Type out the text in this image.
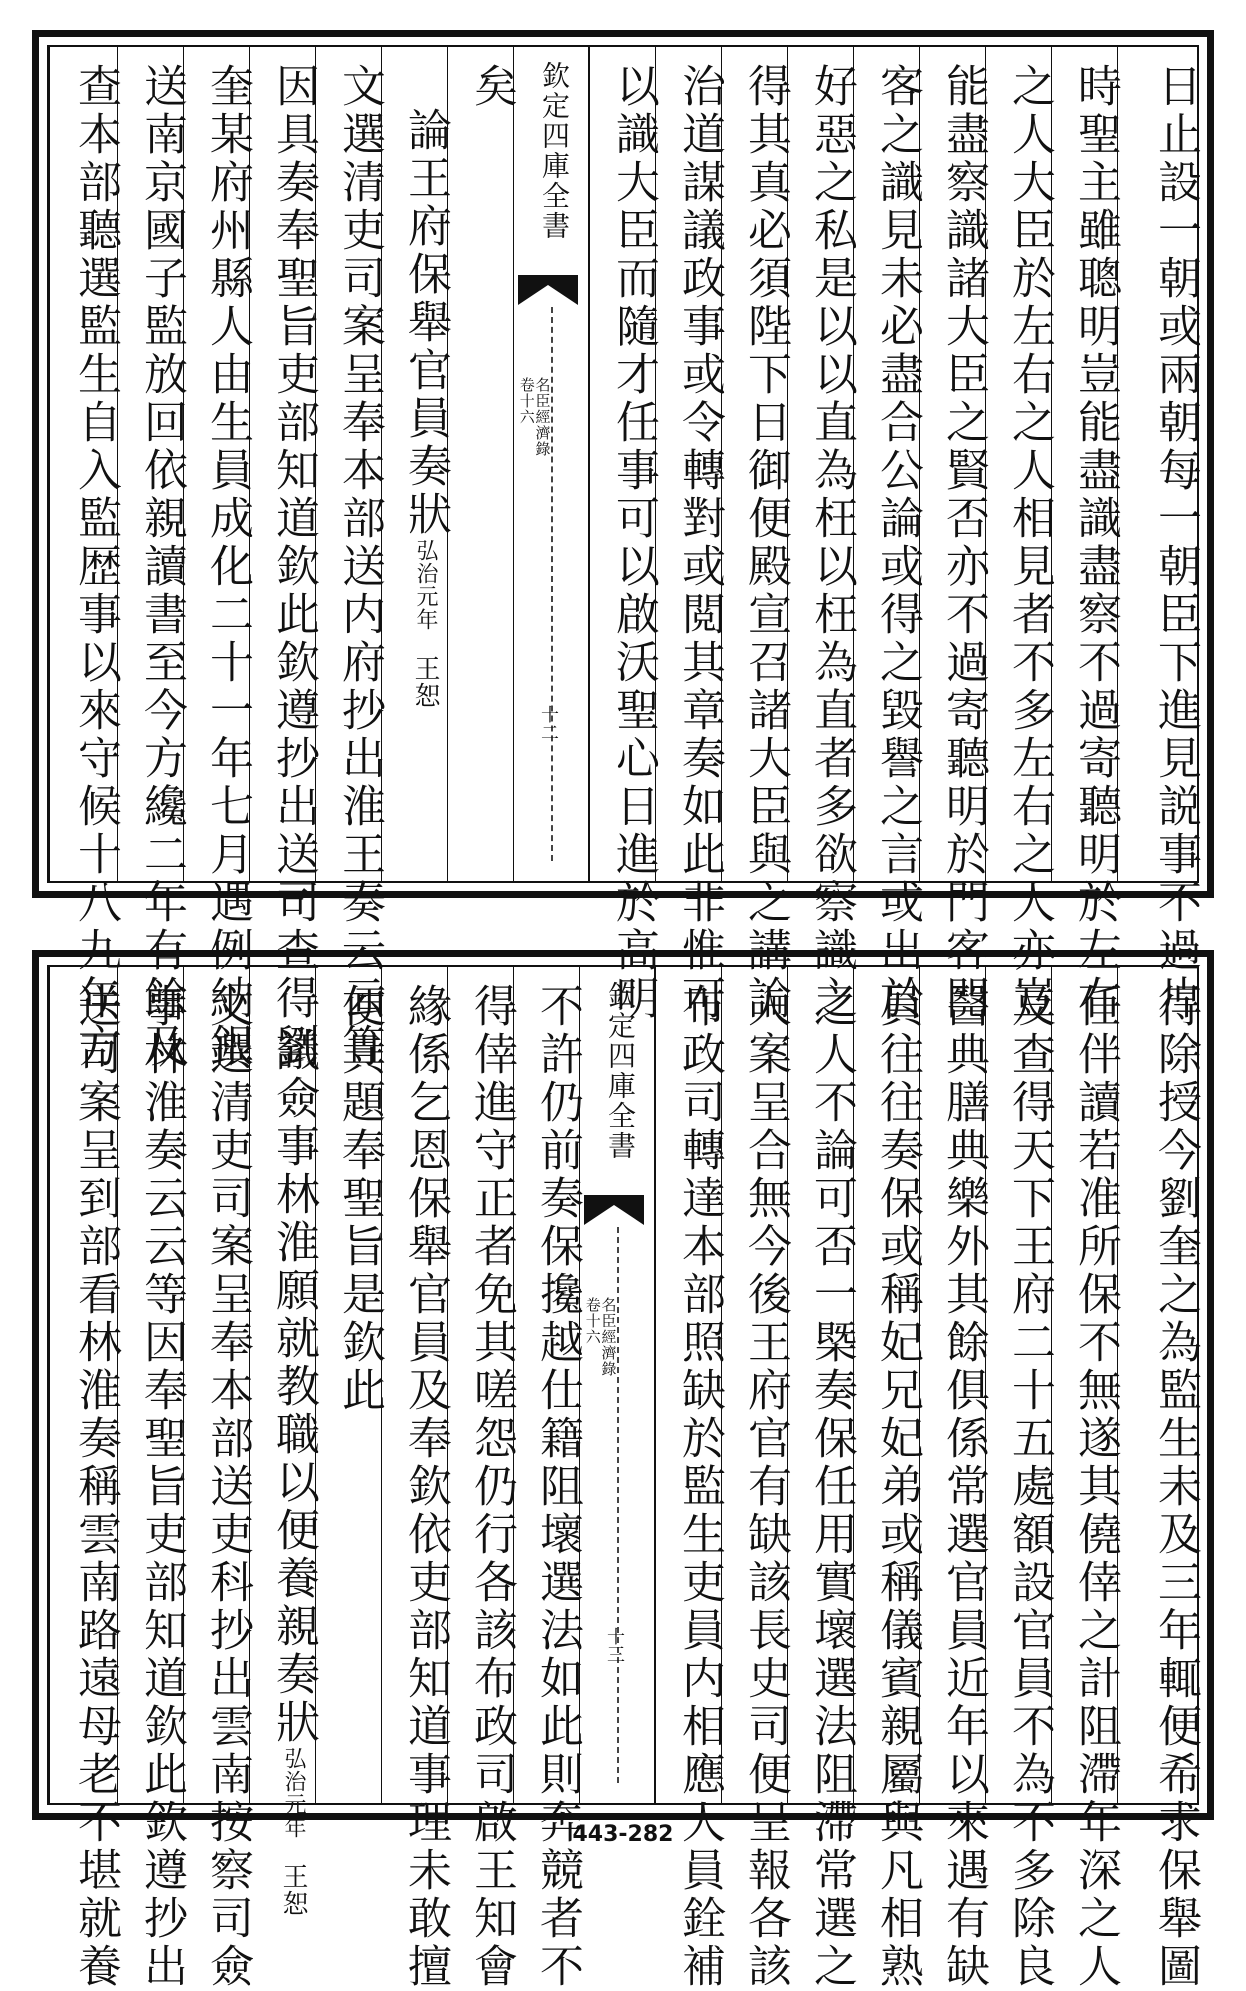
查本部聽選監生自入監歴事以來守候十八九年方 送南京國子監放回依親讀書至今方纔二年有餘及 奎某府州縣人由生員成化二十一年七月遇例納銀 因具奏奉聖旨吏部知道欽此欽遵抄出送司查得劉 文選清吏司案呈奉本部送内府抄出淮王奏云云等 論王府保舉官員奏狀弘治元年王恕
矣 欽定四庫全書
名臣經濟錄
卷十六
十二	以識大臣而隨才任事可以啟沃聖心日進於高明 治道謀議政事或令轉對或閲其章奏如此非惟可 得其真必須陛下日御便殿宣召諸大臣與之講論 好惡之私是以以直為枉以枉為直者多欲察識之 客之識見未必盡合公論或得之毀譽之言或出於 能盡察識諸大臣之賢否亦不過寄聽明於門客門 之人大臣於左右之人相見者不多左右之人亦豈 時聖主雖聰明豈能盡識盡察不過寄聽明於左右 日止設一朝或兩朝每一朝臣下進見説事不過片
送司案呈到部看林淮奏稱雲南路遠母老不堪就養 事林淮奏云云等因奉聖旨吏部知道欽此欽遵抄出 文選清吏司案呈奉本部送吏科抄出雲南按察司僉 議僉事林淮願就教職以便養親奏狀弘治元年王恕
便具題奉聖旨是欽此 緣係乞恩保舉官員及奉欽依吏部知道事理未敢擅 得倖進守正者免其嗟怨仍行各該布政司啟王知會 不許仍前奏保攙越仕籍阻壞選法如此則奔競者不 欽定四庫全書
名臣經濟錄
卷十六
十三	布政司轉達本部照缺於監生吏員内相應人員銓補 人案呈合無今後王府官有缺該長史司便呈報各該 之人不論可否一槩奏保任用實壞選法阻滯常選之 員往往奏保或稱妃兄妃弟或稱儀賓親屬與凡相熟 醫典膳典樂外其餘俱係常選官員近年以來遇有缺 及查得天下王府二十五處額設官員不為不多除良 任伴讀若准所保不無遂其僥倖之計阻滯年深之人 得除授今劉奎之為監生未及三年輒便希求保舉圖
443-282
